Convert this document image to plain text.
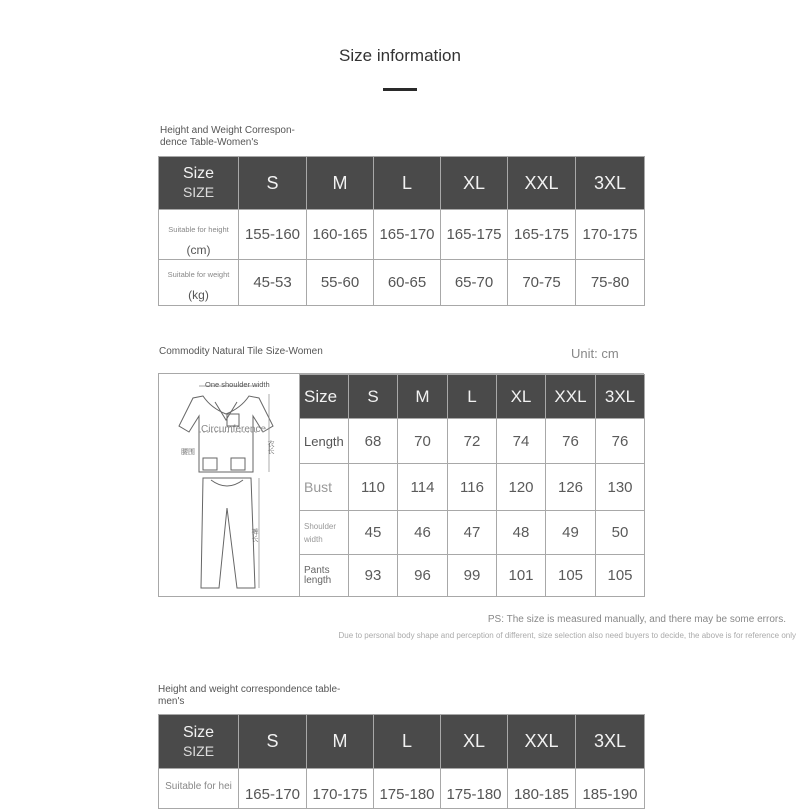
Size information
Height and Weight Correspon-
dence Table-Women's
Size
SIZE	S	M	L	XL	XXL	3XL

Suitable for height
(cm)	155-160	160-165	165-170	165-175	165-175	170-175

Suitable for weight
(kg)	45-53	55-60	60-65	65-70	70-75	75-80
Commodity Natural Tile Size-Women	Unit: cm
One shoulder width
Circumference
衣长
腰围
裤长
Size	S	M	L	XL	XXL	3XL
Length	68	70	72	74	76	76
Bust	110	114	116	120	126	130

Shoulder
width	45	46	47	48	49	50

Pants
length	93	96	99	101	105	105
PS: The size is measured manually, and there may be some errors.
Due to personal body shape and perception of different, size selection also need buyers to decide, the above is for reference only
Height and weight correspondence table-
men's
Size
SIZE	S	M	L	XL	XXL	3XL

Suitable for hei	165-170	170-175	175-180	175-180	180-185	185-190
